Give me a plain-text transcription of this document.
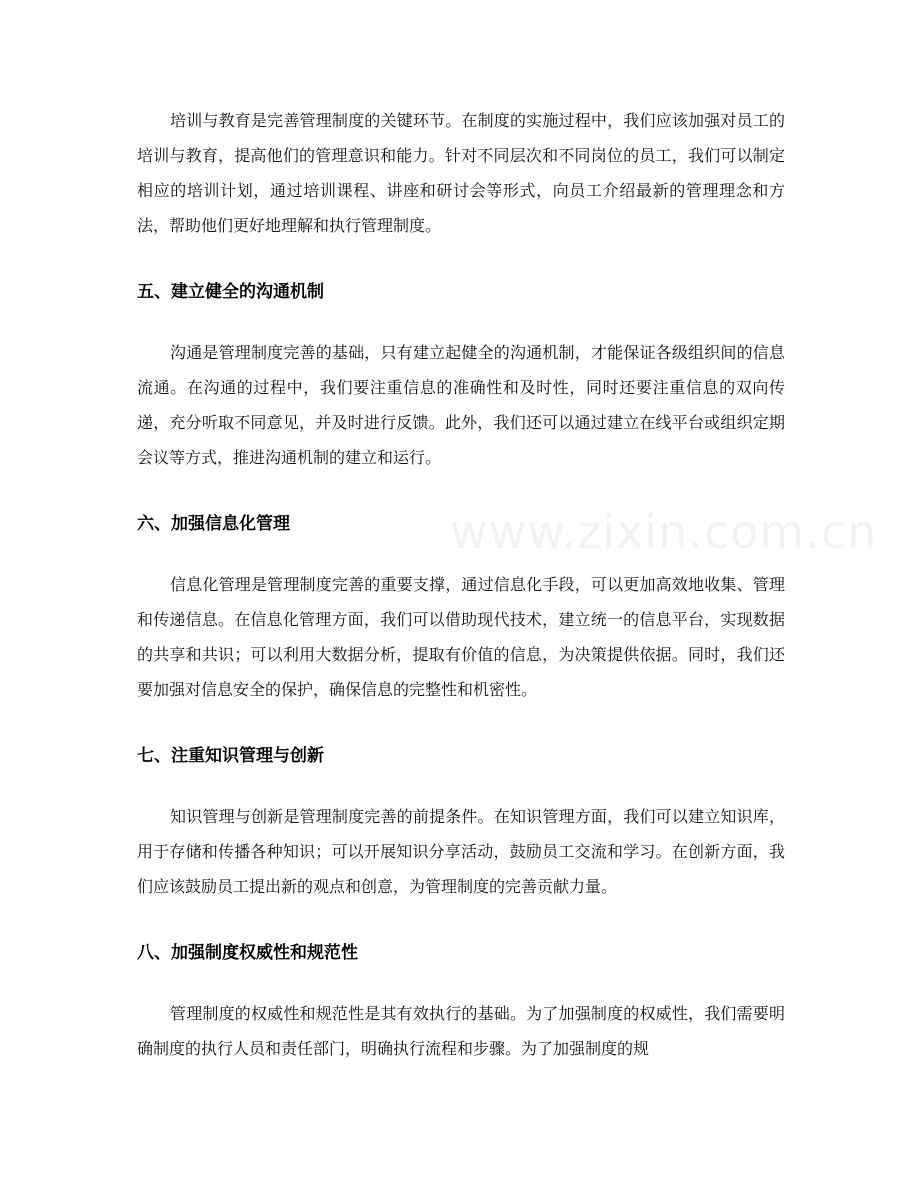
www.zixin.com.cn

培训与教育是完善管理制度的关键环节。在制度的实施过程中，我们应该加强对员工的培训与教育，提高他们的管理意识和能力。针对不同层次和不同岗位的员工，我们可以制定相应的培训计划，通过培训课程、讲座和研讨会等形式，向员工介绍最新的管理理念和方法，帮助他们更好地理解和执行管理制度。

五、建立健全的沟通机制

沟通是管理制度完善的基础，只有建立起健全的沟通机制，才能保证各级组织间的信息流通。在沟通的过程中，我们要注重信息的准确性和及时性，同时还要注重信息的双向传递，充分听取不同意见，并及时进行反馈。此外，我们还可以通过建立在线平台或组织定期会议等方式，推进沟通机制的建立和运行。

六、加强信息化管理

信息化管理是管理制度完善的重要支撑，通过信息化手段，可以更加高效地收集、管理和传递信息。在信息化管理方面，我们可以借助现代技术，建立统一的信息平台，实现数据的共享和共识；可以利用大数据分析，提取有价值的信息，为决策提供依据。同时，我们还要加强对信息安全的保护，确保信息的完整性和机密性。

七、注重知识管理与创新

知识管理与创新是管理制度完善的前提条件。在知识管理方面，我们可以建立知识库，用于存储和传播各种知识；可以开展知识分享活动，鼓励员工交流和学习。在创新方面，我们应该鼓励员工提出新的观点和创意，为管理制度的完善贡献力量。

八、加强制度权威性和规范性

管理制度的权威性和规范性是其有效执行的基础。为了加强制度的权威性，我们需要明确制度的执行人员和责任部门，明确执行流程和步骤。为了加强制度的规
